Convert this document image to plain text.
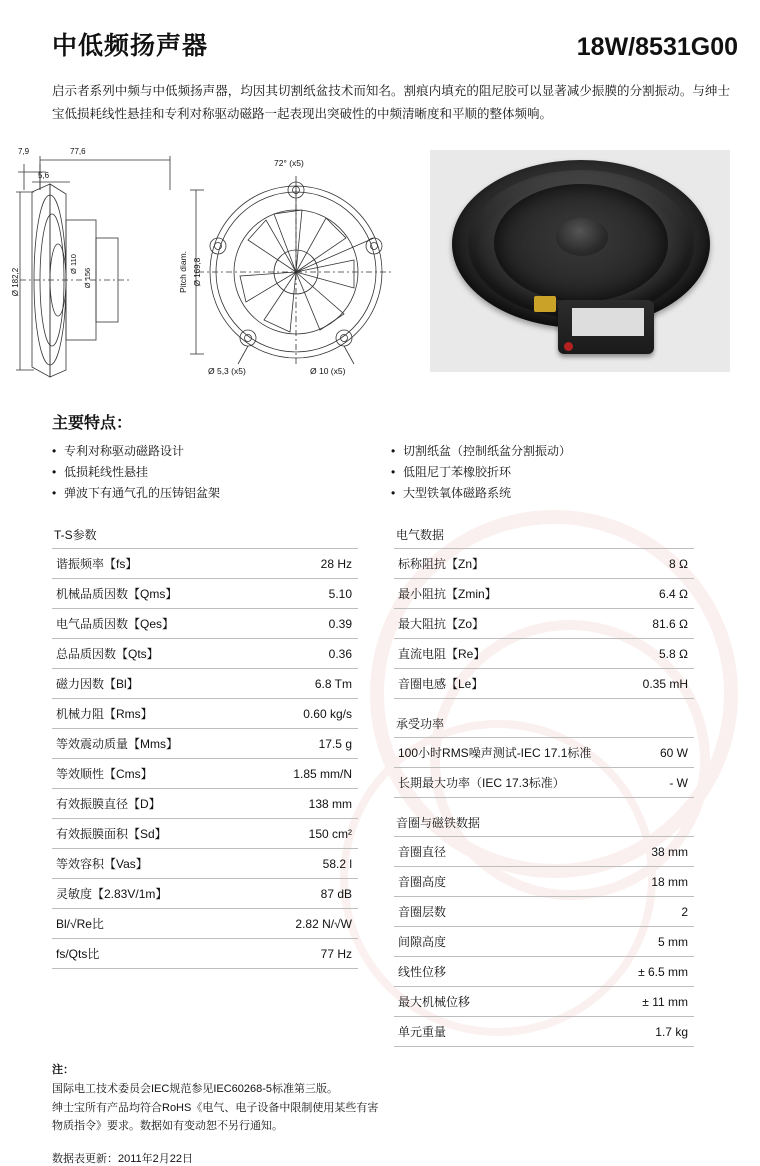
中低频扬声器	18W/8531G00
启示者系列中频与中低频扬声器，均因其切割纸盆技术而知名。割痕内填充的阻尼胶可以显著减少振膜的分割振动。与绅士宝低损耗线性悬挂和专利对称驱动磁路一起表现出突破性的中频清晰度和平顺的整体频响。
7,9	77,6
5,6
Ø 182,2
Ø 110
Ø 156
72° (x5)
Pitch diam. Ø 169,8
Ø 5,3 (x5)	Ø 10 (x5)
主要特点：
• 专利对称驱动磁路设计
• 低损耗线性悬挂
• 弹波下有通气孔的压铸铝盆架
• 切割纸盆（控制纸盆分割振动）
• 低阻尼丁苯橡胶折环
• 大型铁氧体磁路系统
T-S参数
谐振频率【fs】	28 Hz
机械品质因数【Qms】	5.10
电气品质因数【Qes】	0.39
总品质因数【Qts】	0.36
磁力因数【Bl】	6.8 Tm
机械力阻【Rms】	0.60 kg/s
等效震动质量【Mms】	17.5 g
等效顺性【Cms】	1.85 mm/N
有效振膜直径【D】	138 mm
有效振膜面积【Sd】	150 cm²
等效容积【Vas】	58.2 l
灵敏度【2.83V/1m】	87 dB
Bl/√Re比	2.82 N/√W
fs/Qts比	77 Hz
电气数据
标称阻抗【Zn】	8 Ω
最小阻抗【Zmin】	6.4 Ω
最大阻抗【Zo】	81.6 Ω
直流电阻【Re】	5.8 Ω
音圈电感【Le】	0.35 mH
承受功率
100小时RMS噪声测试-IEC 17.1标准	60 W
长期最大功率（IEC 17.3标准）	- W
音圈与磁铁数据
音圈直径	38 mm
音圈高度	18 mm
音圈层数	2
间隙高度	5 mm
线性位移	± 6.5 mm
最大机械位移	± 11 mm
单元重量	1.7 kg
注：
国际电工技术委员会IEC规范参见IEC60268-5标准第三版。
绅士宝所有产品均符合RoHS《电气、电子设备中限制使用某些有害物质指令》要求。数据如有变动恕不另行通知。
数据表更新：2011年2月22日
